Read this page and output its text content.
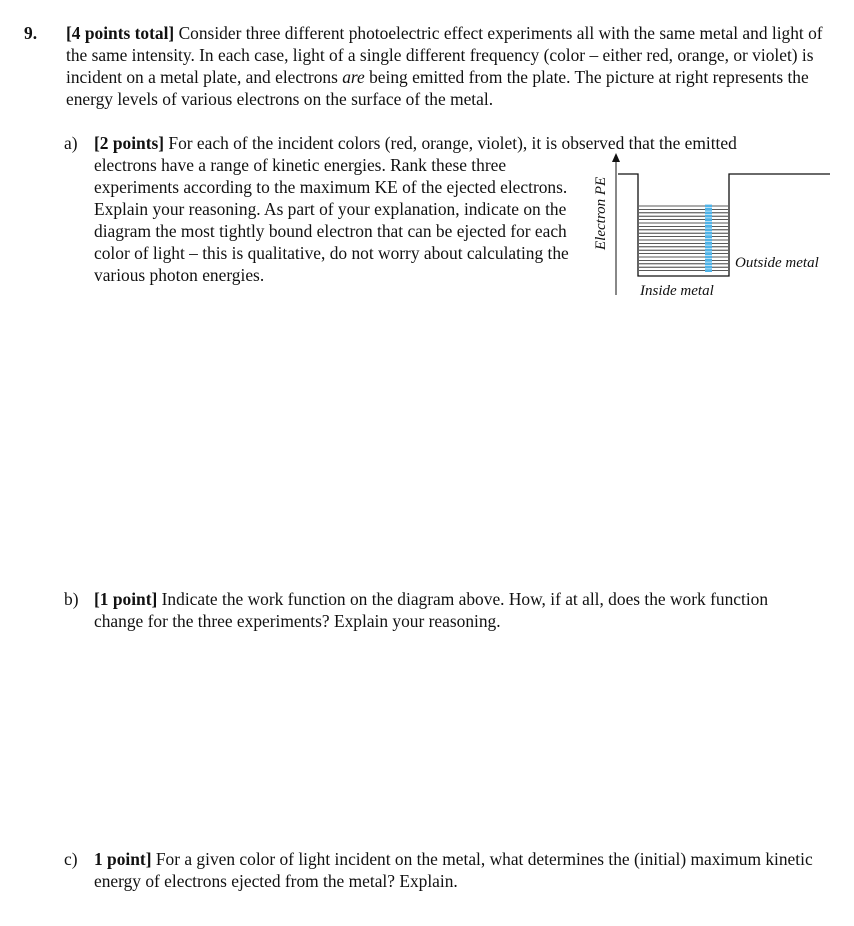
9. [4 points total] Consider three different photoelectric effect experiments all with the same metal and light of the same intensity. In each case, light of a single different frequency (color – either red, orange, or violet) is incident on a metal plate, and electrons are being emitted from the plate. The picture at right represents the energy levels of various electrons on the surface of the metal.
a) [2 points] For each of the incident colors (red, orange, violet), it is observed that the emitted
electrons have a range of kinetic energies. Rank these three experiments according to the maximum KE of the ejected electrons. Explain your reasoning. As part of your explanation, indicate on the diagram the most tightly bound electron that can be ejected for each color of light – this is qualitative, do not worry about calculating the various photon energies.
Electron PE
Inside metal
Outside metal
b) [1 point] Indicate the work function on the diagram above. How, if at all, does the work function change for the three experiments? Explain your reasoning.
c) 1 point] For a given color of light incident on the metal, what determines the (initial) maximum kinetic energy of electrons ejected from the metal? Explain.
